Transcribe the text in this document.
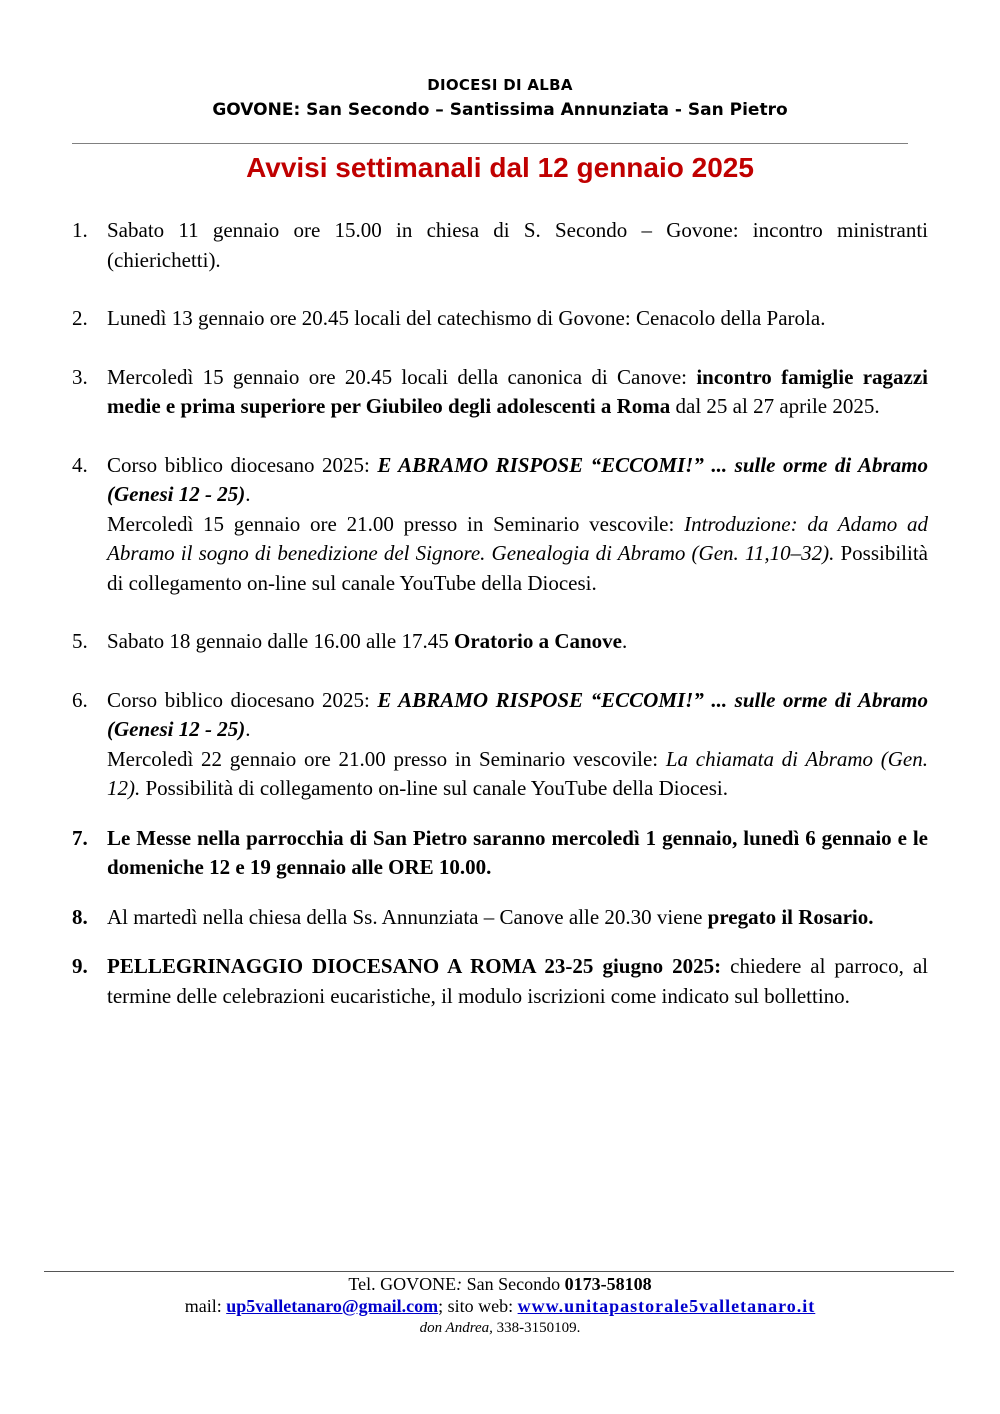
DIOCESI DI ALBA
GOVONE: San Secondo – Santissima Annunziata - San Pietro
Avvisi settimanali dal 12 gennaio 2025
1. Sabato 11 gennaio ore 15.00 in chiesa di S. Secondo – Govone: incontro ministranti (chierichetti).
2. Lunedì 13 gennaio ore 20.45 locali del catechismo di Govone: Cenacolo della Parola.
3. Mercoledì 15 gennaio ore 20.45 locali della canonica di Canove: incontro famiglie ragazzi medie e prima superiore per Giubileo degli adolescenti a Roma dal 25 al 27 aprile 2025.
4. Corso biblico diocesano 2025: E ABRAMO RISPOSE “ECCOMI!” ... sulle orme di Abramo (Genesi 12 - 25).
Mercoledì 15 gennaio ore 21.00 presso in Seminario vescovile: Introduzione: da Adamo ad Abramo il sogno di benedizione del Signore. Genealogia di Abramo (Gen. 11,10–32). Possibilità di collegamento on-line sul canale YouTube della Diocesi.
5. Sabato 18 gennaio dalle 16.00 alle 17.45 Oratorio a Canove.
6. Corso biblico diocesano 2025: E ABRAMO RISPOSE “ECCOMI!” ... sulle orme di Abramo (Genesi 12 - 25).
Mercoledì 22 gennaio ore 21.00 presso in Seminario vescovile: La chiamata di Abramo (Gen. 12). Possibilità di collegamento on-line sul canale YouTube della Diocesi.
7. Le Messe nella parrocchia di San Pietro saranno mercoledì 1 gennaio, lunedì 6 gennaio e le domeniche 12 e 19 gennaio alle ORE 10.00.
8. Al martedì nella chiesa della Ss. Annunziata – Canove alle 20.30 viene pregato il Rosario.
9. PELLEGRINAGGIO DIOCESANO A ROMA 23-25 giugno 2025: chiedere al parroco, al termine delle celebrazioni eucaristiche, il modulo iscrizioni come indicato sul bollettino.
Tel. GOVONE: San Secondo 0173-58108
mail: up5valletanaro@gmail.com; sito web: www.unitapastorale5valletanaro.it
don Andrea, 338-3150109.
